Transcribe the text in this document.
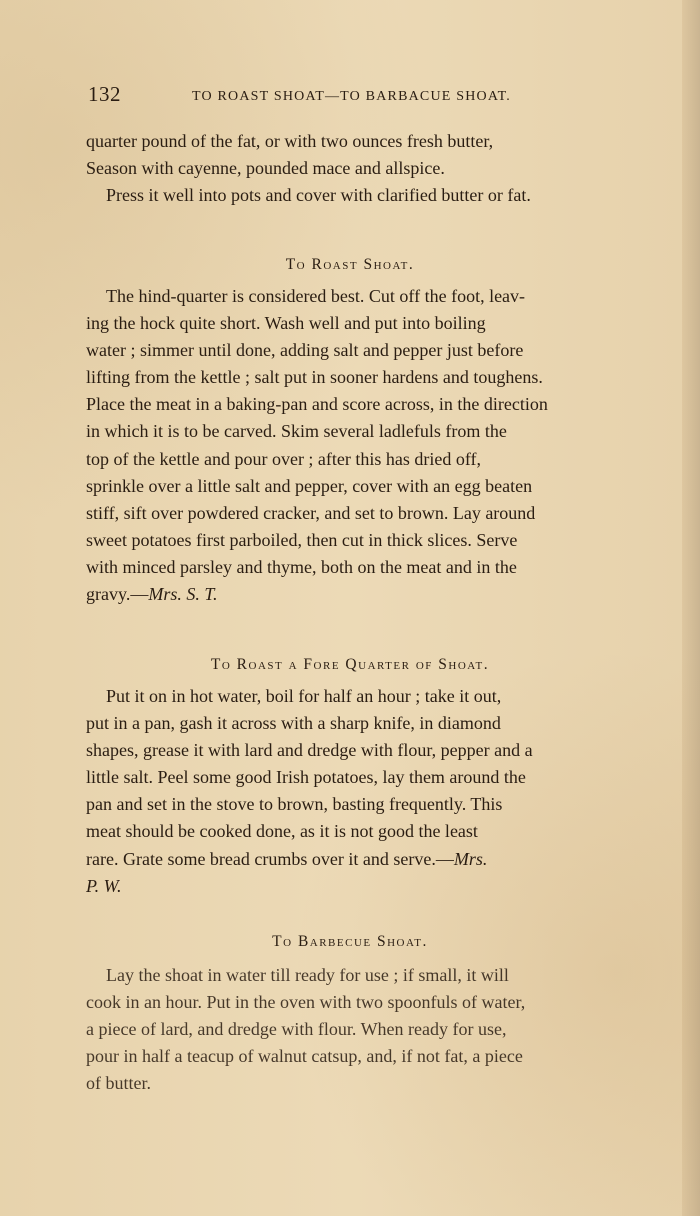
132	TO ROAST SHOAT—TO BARBACUE SHOAT.

quarter pound of the fat, or with two ounces fresh butter,

Season with cayenne, pounded mace and allspice.

Press it well into pots and cover with clarified butter or fat.

To Roast Shoat.

The hind-quarter is considered best. Cut off the foot, leav-

ing the hock quite short. Wash well and put into boiling

water ; simmer until done, adding salt and pepper just before

lifting from the kettle ; salt put in sooner hardens and toughens.

Place the meat in a baking-pan and score across, in the direction

in which it is to be carved. Skim several ladlefuls from the

top of the kettle and pour over ; after this has dried off,

sprinkle over a little salt and pepper, cover with an egg beaten

stiff, sift over powdered cracker, and set to brown. Lay around

sweet potatoes first parboiled, then cut in thick slices. Serve

with minced parsley and thyme, both on the meat and in the

gravy.—Mrs. S. T.

To Roast a Fore Quarter of Shoat.

Put it on in hot water, boil for half an hour ; take it out,

put in a pan, gash it across with a sharp knife, in diamond

shapes, grease it with lard and dredge with flour, pepper and a

little salt. Peel some good Irish potatoes, lay them around the

pan and set in the stove to brown, basting frequently. This

meat should be cooked done, as it is not good the least

rare. Grate some bread crumbs over it and serve.—Mrs.

P. W.

To Barbecue Shoat.

Lay the shoat in water till ready for use ; if small, it will

cook in an hour. Put in the oven with two spoonfuls of water,

a piece of lard, and dredge with flour. When ready for use,

pour in half a teacup of walnut catsup, and, if not fat, a piece

of butter.
